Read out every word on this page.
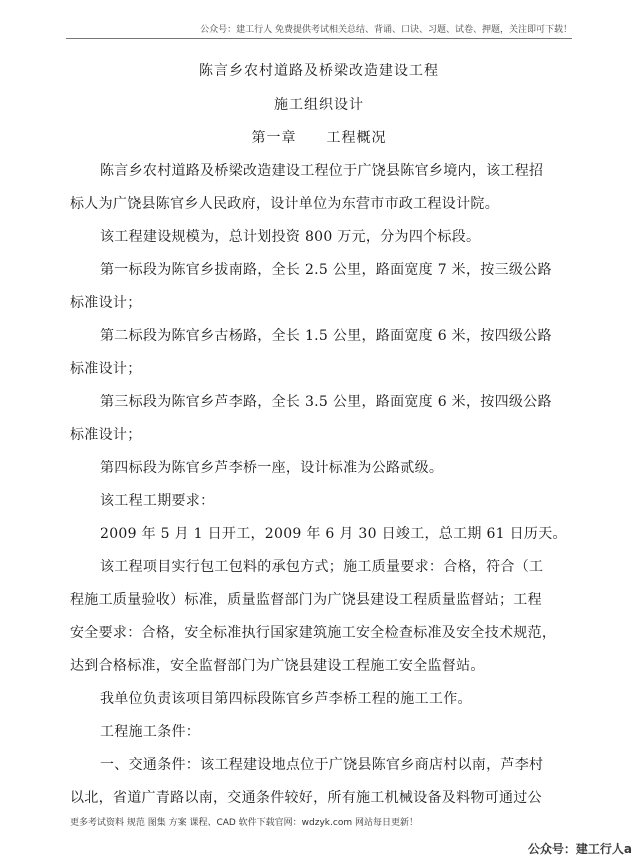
公众号：建工行人 免费提供考试相关总结、背诵、口诀、习题、试卷、押题，关注即可下载！
陈言乡农村道路及桥梁改造建设工程
施工组织设计
第一章　　工程概况
陈言乡农村道路及桥梁改造建设工程位于广饶县陈官乡境内，该工程招
标人为广饶县陈官乡人民政府，设计单位为东营市市政工程设计院。
该工程建设规模为，总计划投资 800 万元，分为四个标段。
第一标段为陈官乡拔南路，全长 2.5 公里，路面宽度 7 米，按三级公路
标准设计；
第二标段为陈官乡古杨路，全长 1.5 公里，路面宽度 6 米，按四级公路
标准设计；
第三标段为陈官乡芦李路，全长 3.5 公里，路面宽度 6 米，按四级公路
标准设计；
第四标段为陈官乡芦李桥一座，设计标准为公路贰级。
该工程工期要求：
2009 年 5 月 1 日开工，2009 年 6 月 30 日竣工，总工期 61 日历天。
该工程项目实行包工包料的承包方式；施工质量要求：合格，符合（工
程施工质量验收）标准，质量监督部门为广饶县建设工程质量监督站；工程
安全要求：合格，安全标准执行国家建筑施工安全检查标准及安全技术规范，
达到合格标准，安全监督部门为广饶县建设工程施工安全监督站。
我单位负责该项目第四标段陈官乡芦李桥工程的施工工作。
工程施工条件：
一、交通条件：该工程建设地点位于广饶县陈官乡商店村以南，芦李村
以北，省道广青路以南，交通条件较好，所有施工机械设备及料物可通过公
更多考试资料 规范 图集 方案 课程、CAD 软件下载官网：wdzyk.com 网站每日更新！
公众号：建工行人a
